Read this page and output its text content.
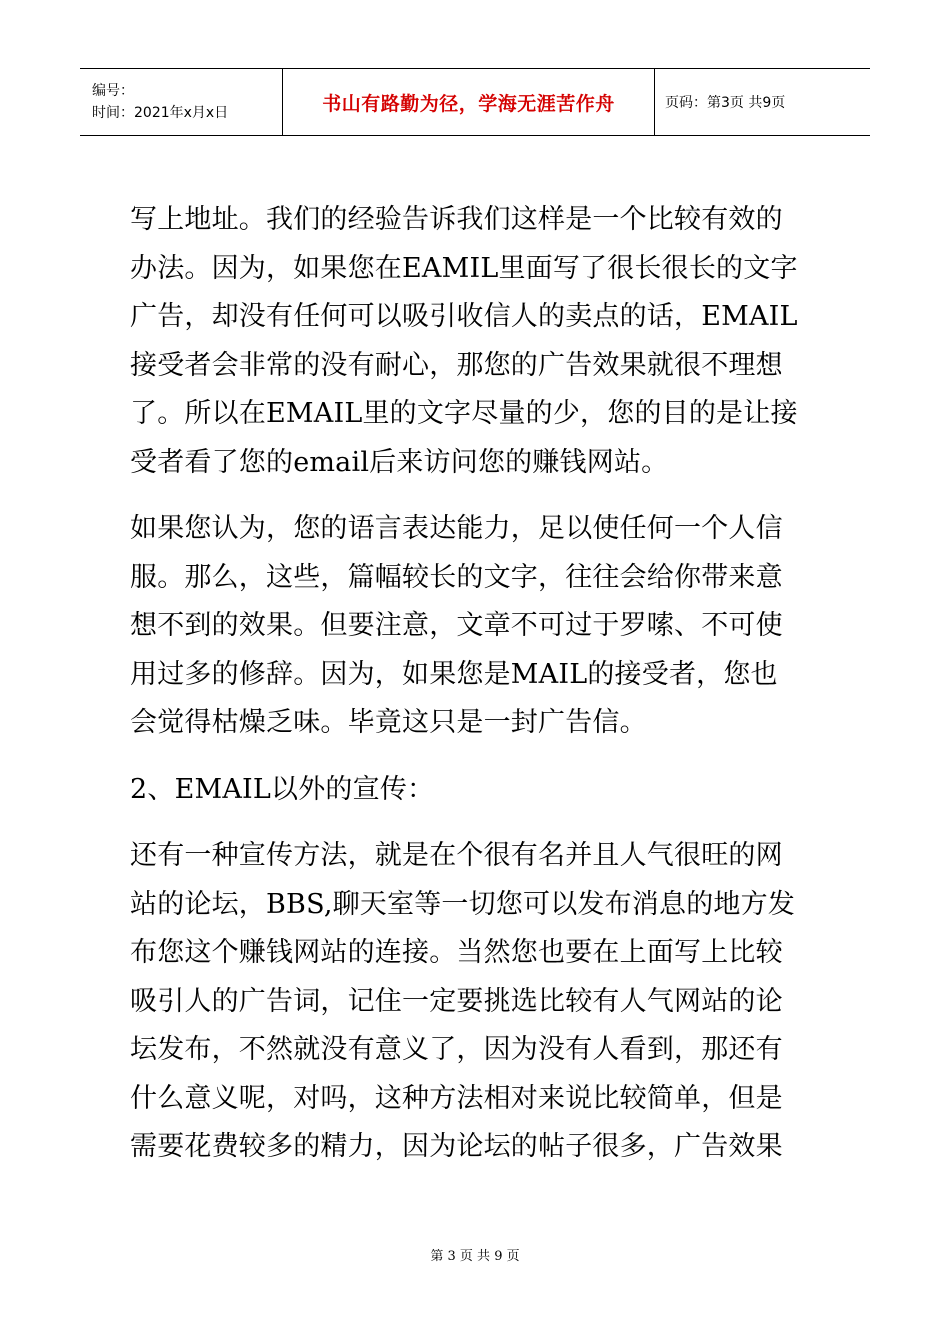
编号：
时间：2021年x月x日	书山有路勤为径，学海无涯苦作舟	页码：第3页 共9页

写上地址。我们的经验告诉我们这样是一个比较有效的

办法。因为，如果您在EAMIL里面写了很长很长的文字

广告，却没有任何可以吸引收信人的卖点的话，EMAIL

接受者会非常的没有耐心，那您的广告效果就很不理想

了。所以在EMAIL里的文字尽量的少，您的目的是让接

受者看了您的email后来访问您的赚钱网站。

如果您认为，您的语言表达能力，足以使任何一个人信

服。那么，这些，篇幅较长的文字，往往会给你带来意

想不到的效果。但要注意，文章不可过于罗嗦、不可使

用过多的修辞。因为，如果您是MAIL的接受者，您也

会觉得枯燥乏味。毕竟这只是一封广告信。

2、EMAIL以外的宣传：

还有一种宣传方法，就是在个很有名并且人气很旺的网

站的论坛，BBS,聊天室等一切您可以发布消息的地方发

布您这个赚钱网站的连接。当然您也要在上面写上比较

吸引人的广告词，记住一定要挑选比较有人气网站的论

坛发布，不然就没有意义了，因为没有人看到，那还有

什么意义呢，对吗，这种方法相对来说比较简单，但是

需要花费较多的精力，因为论坛的帖子很多，广告效果

第 3 页 共 9 页
